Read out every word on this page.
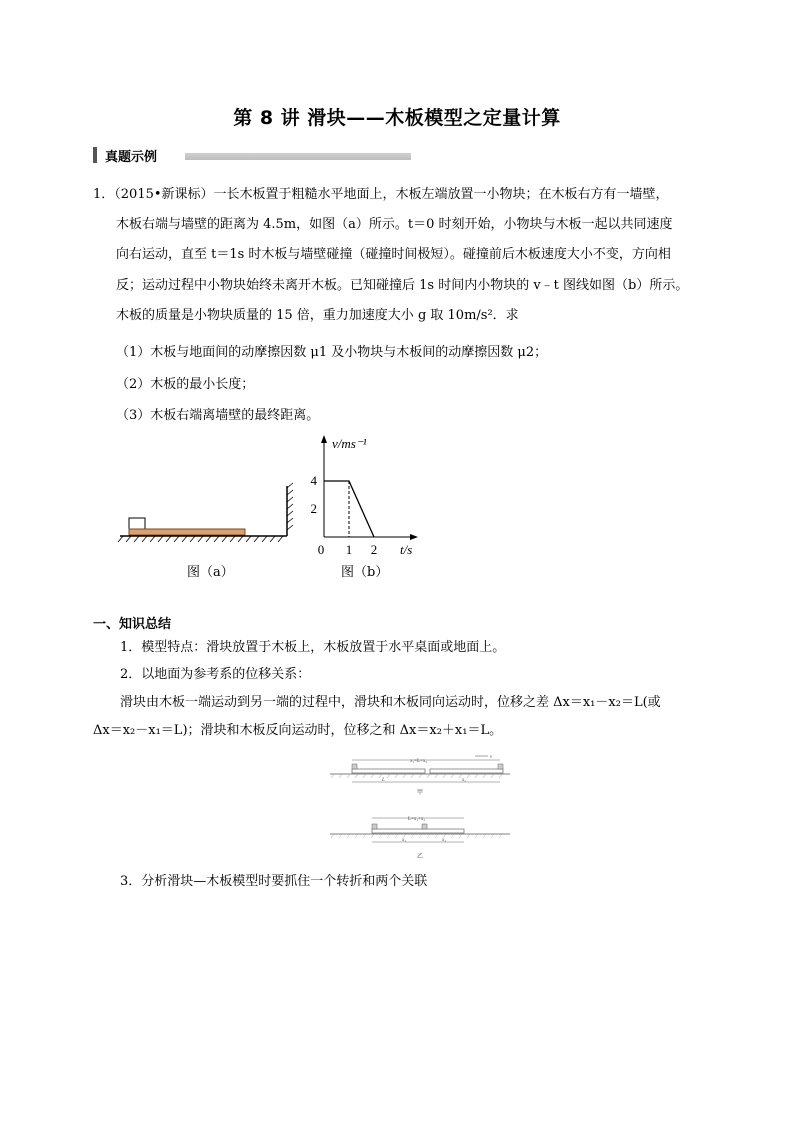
第 8 讲 滑块——木板模型之定量计算
真题示例
1．（2015•新课标）一长木板置于粗糙水平地面上，木板左端放置一小物块；在木板右方有一墙壁，
木板右端与墙壁的距离为 4.5m，如图（a）所示。t＝0 时刻开始，小物块与木板一起以共同速度
向右运动，直至 t＝1s 时木板与墙壁碰撞（碰撞时间极短）。碰撞前后木板速度大小不变，方向相
反；运动过程中小物块始终未离开木板。已知碰撞后 1s 时间内小物块的 v﹣t 图线如图（b）所示。
木板的质量是小物块质量的 15 倍，重力加速度大小 g 取 10m/s²．求
（1）木板与地面间的动摩擦因数 μ1 及小物块与木板间的动摩擦因数 μ2；
（2）木板的最小长度；
（3）木板右端离墙壁的最终距离。
图（a）
v/ms⁻¹
t/s
0
4
2
1 2
图（b）
一、知识总结
1．模型特点：滑块放置于木板上，木板放置于水平桌面或地面上。
2．以地面为参考系的位移关系：
滑块由木板一端运动到另一端的过程中，滑块和木板同向运动时，位移之差 Δx＝x₁－x₂＝L(或
Δx＝x₂－x₁＝L)；滑块和木板反向运动时，位移之和 Δx＝x₂＋x₁＝L。
x₁=L+x₂
v
L	x₂
甲
L=x₁+x₂
x₁	x₂
乙
3．分析滑块—木板模型时要抓住一个转折和两个关联
